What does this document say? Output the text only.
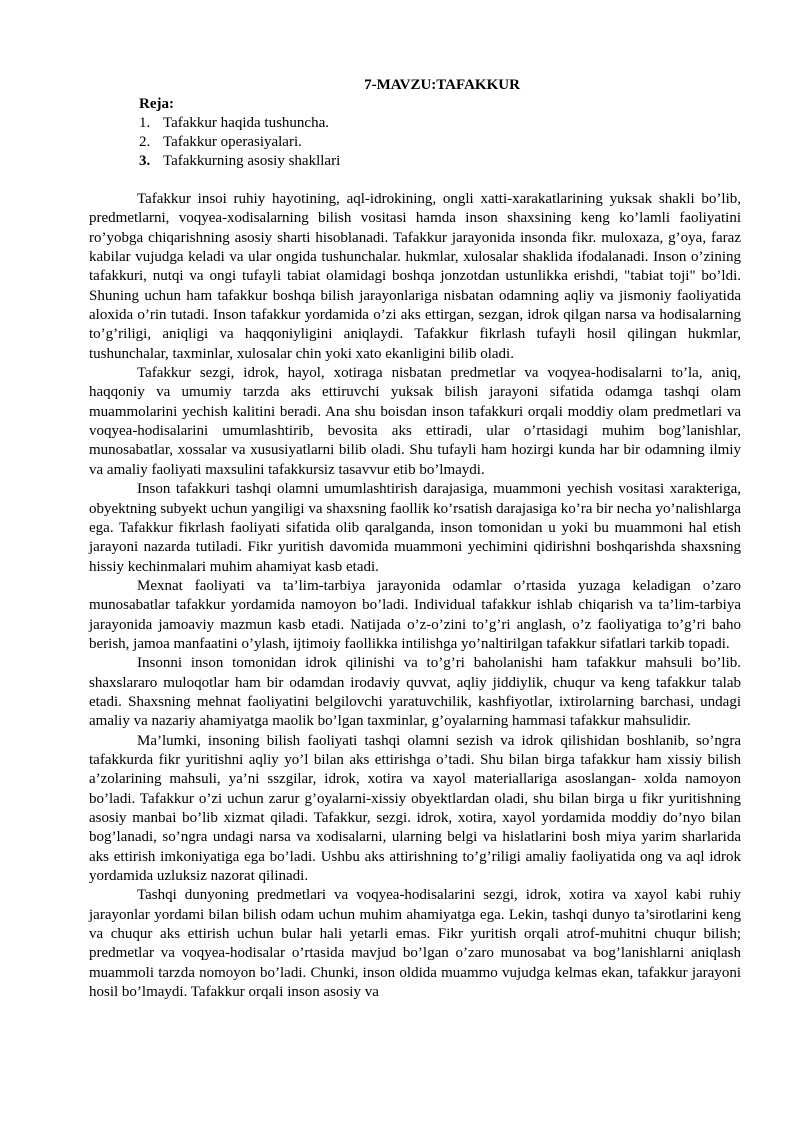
7-MAVZU:TAFAKKUR

Reja:

1. Tafakkur haqida tushuncha.
2. Tafakkur operasiyalari.
3. Tafakkurning asosiy shakllari

Tafakkur insoi ruhiy hayotining, aql-idrokining, ongli xatti-xarakatlarining yuksak shakli bo’lib, predmetlarni, voqyea-xodisalarning bilish vositasi hamda inson shaxsining keng ko’lamli faoliyatini ro’yobga chiqarishning asosiy sharti hisoblanadi. Tafakkur jarayonida insonda fikr. muloxaza, g’oya, faraz kabilar vujudga keladi va ular ongida tushunchalar. hukmlar, xulosalar shaklida ifodalanadi. Inson o’zining tafakkuri, nutqi va ongi tufayli tabiat olamidagi boshqa jonzotdan ustunlikka erishdi, "tabiat toji" bo’ldi. Shuning uchun ham tafakkur boshqa bilish jarayonlariga nisbatan odamning aqliy va jismoniy faoliyatida aloxida o’rin tutadi. Inson tafakkur yordamida o’zi aks ettirgan, sezgan, idrok qilgan narsa va hodisalarning to’g’riligi, aniqligi va haqqoniyligini aniqlaydi. Tafakkur fikrlash tufayli hosil qilingan hukmlar, tushunchalar, taxminlar, xulosalar chin yoki xato ekanligini bilib oladi.

Tafakkur sezgi, idrok, hayol, xotiraga nisbatan predmetlar va voqyea-hodisalarni to’la, aniq, haqqoniy va umumiy tarzda aks ettiruvchi yuksak bilish jarayoni sifatida odamga tashqi olam muammolarini yechish kalitini beradi. Ana shu boisdan inson tafakkuri orqali moddiy olam predmetlari va voqyea-hodisalarini umumlashtirib, bevosita aks ettiradi, ular o’rtasidagi muhim bog’lanishlar, munosabatlar, xossalar va xususiyatlarni bilib oladi. Shu tufayli ham hozirgi kunda har bir odamning ilmiy va amaliy faoliyati maxsulini tafakkursiz tasavvur etib bo’lmaydi.

Inson tafakkuri tashqi olamni umumlashtirish darajasiga, muammoni yechish vositasi xarakteriga, obyektning subyekt uchun yangiligi va shaxsning faollik ko’rsatish darajasiga ko’ra bir necha yo’nalishlarga ega. Tafakkur fikrlash faoliyati sifatida olib qaralganda, inson tomonidan u yoki bu muammoni hal etish jarayoni nazarda tutiladi. Fikr yuritish davomida muammoni yechimini qidirishni boshqarishda shaxsning hissiy kechinmalari muhim ahamiyat kasb etadi.

Mexnat faoliyati va ta’lim-tarbiya jarayonida odamlar o’rtasida yuzaga keladigan o’zaro munosabatlar tafakkur yordamida namoyon bo’ladi. Individual tafakkur ishlab chiqarish va ta’lim-tarbiya jarayonida jamoaviy mazmun kasb etadi. Natijada o’z-o’zini to’g’ri anglash, o’z faoliyatiga to’g’ri baho berish, jamoa manfaatini o’ylash, ijtimoiy faollikka intilishga yo’naltirilgan tafakkur sifatlari tarkib topadi.

Insonni inson tomonidan idrok qilinishi va to’g’ri baholanishi ham tafakkur mahsuli bo’lib. shaxslararo muloqotlar ham bir odamdan irodaviy quvvat, aqliy jiddiylik, chuqur va keng tafakkur talab etadi. Shaxsning mehnat faoliyatini belgilovchi yaratuvchilik, kashfiyotlar, ixtirolarning barchasi, undagi amaliy va nazariy ahamiyatga maolik bo’lgan taxminlar, g’oyalarning hammasi tafakkur mahsulidir.

Ma’lumki, insoning bilish faoliyati tashqi olamni sezish va idrok qilishidan boshlanib, so’ngra tafakkurda fikr yuritishni aqliy yo’l bilan aks ettirishga o’tadi. Shu bilan birga tafakkur ham xissiy bilish a’zolarining mahsuli, ya’ni sszgilar, idrok, xotira va xayol materiallariga asoslangan- xolda namoyon bo’ladi. Tafakkur o’zi uchun zarur g’oyalarni-xissiy obyektlardan oladi, shu bilan birga u fikr yuritishning asosiy manbai bo’lib xizmat qiladi. Tafakkur, sezgi. idrok, xotira, xayol yordamida moddiy do’nyo bilan bog’lanadi, so’ngra undagi narsa va xodisalarni, ularning belgi va hislatlarini bosh miya yarim sharlarida aks ettirish imkoniyatiga ega bo’ladi. Ushbu aks attirishning to’g’riligi amaliy faoliyatida ong va aql idrok yordamida uzluksiz nazorat qilinadi.

Tashqi dunyoning predmetlari va voqyea-hodisalarini sezgi, idrok, xotira va xayol kabi ruhiy jarayonlar yordami bilan bilish odam uchun muhim ahamiyatga ega. Lekin, tashqi dunyo ta’sirotlarini keng va chuqur aks ettirish uchun bular hali yetarli emas. Fikr yuritish orqali atrof-muhitni chuqur bilish; predmetlar va voqyea-hodisalar o’rtasida mavjud bo’lgan o’zaro munosabat va bog’lanishlarni aniqlash muammoli tarzda nomoyon bo’ladi. Chunki, inson oldida muammo vujudga kelmas ekan, tafakkur jarayoni hosil bo’lmaydi. Tafakkur orqali inson asosiy va
